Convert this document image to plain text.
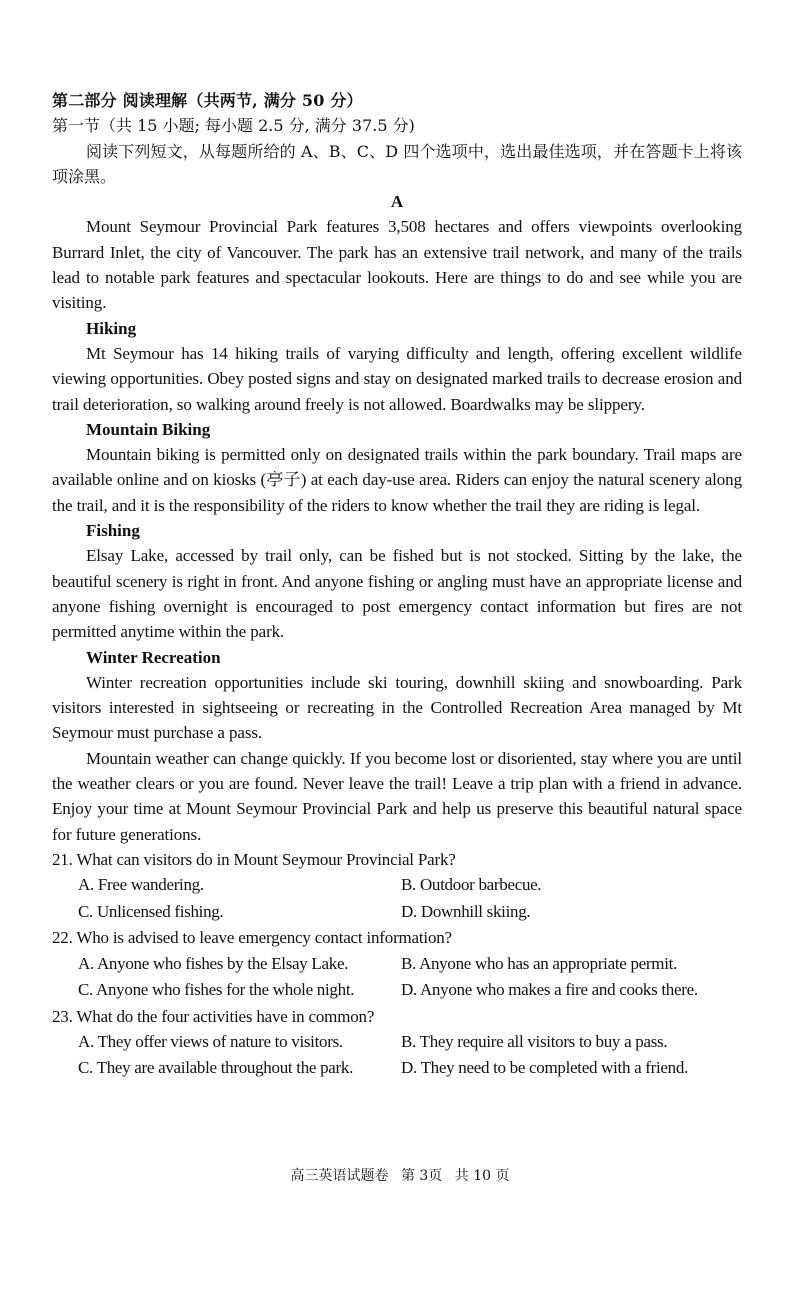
第二部分 阅读理解（共两节, 满分 50 分）

第一节（共 15 小题; 每小题 2.5 分, 满分 37.5 分)

阅读下列短文，从每题所给的 A、B、C、D 四个选项中，选出最佳选项，并在答题卡上将该项涂黑。

A

Mount Seymour Provincial Park features 3,508 hectares and offers viewpoints overlooking Burrard Inlet, the city of Vancouver. The park has an extensive trail network, and many of the trails lead to notable park features and spectacular lookouts. Here are things to do and see while you are visiting.

Hiking

Mt Seymour has 14 hiking trails of varying difficulty and length, offering excellent wildlife viewing opportunities. Obey posted signs and stay on designated marked trails to decrease erosion and trail deterioration, so walking around freely is not allowed. Boardwalks may be slippery.

Mountain Biking

Mountain biking is permitted only on designated trails within the park boundary. Trail maps are available online and on kiosks (亭子) at each day-use area. Riders can enjoy the natural scenery along the trail, and it is the responsibility of the riders to know whether the trail they are riding is legal.

Fishing

Elsay Lake, accessed by trail only, can be fished but is not stocked. Sitting by the lake, the beautiful scenery is right in front. And anyone fishing or angling must have an appropriate license and anyone fishing overnight is encouraged to post emergency contact information but fires are not permitted anytime within the park.

Winter Recreation

Winter recreation opportunities include ski touring, downhill skiing and snowboarding. Park visitors interested in sightseeing or recreating in the Controlled Recreation Area managed by Mt Seymour must purchase a pass.

Mountain weather can change quickly. If you become lost or disoriented, stay where you are until the weather clears or you are found. Never leave the trail! Leave a trip plan with a friend in advance. Enjoy your time at Mount Seymour Provincial Park and help us preserve this beautiful natural space for future generations.

21. What can visitors do in Mount Seymour Provincial Park?

A. Free wandering.	B. Outdoor barbecue.
C. Unlicensed fishing.	D. Downhill skiing.

22. Who is advised to leave emergency contact information?

A. Anyone who fishes by the Elsay Lake.	B. Anyone who has an appropriate permit.
C. Anyone who fishes for the whole night.	D. Anyone who makes a fire and cooks there.

23. What do the four activities have in common?

A. They offer views of nature to visitors.	B. They require all visitors to buy a pass.
C. They are available throughout the park.	D. They need to be completed with a friend.
高三英语试题卷 第 3页 共 10 页
